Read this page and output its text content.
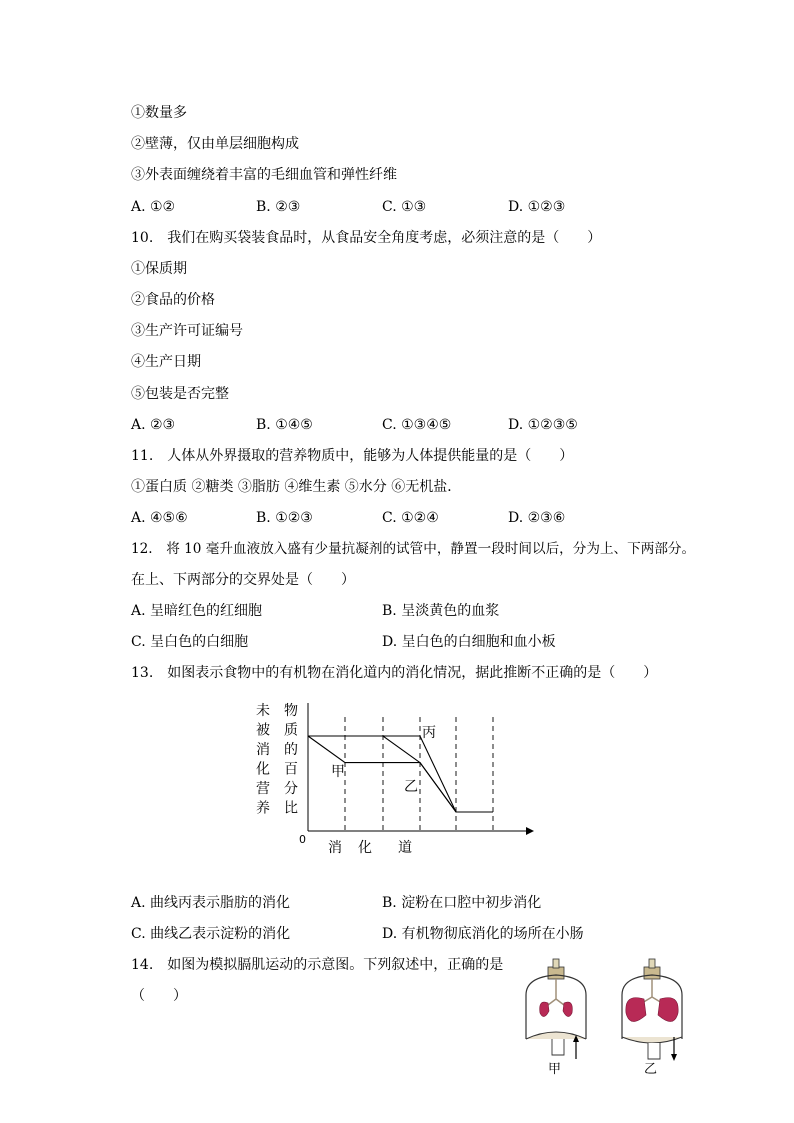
①数量多
②壁薄，仅由单层细胞构成
③外表面缠绕着丰富的毛细血管和弹性纤维
A. ①②	B. ②③	C. ①③	D. ①②③
10.　我们在购买袋装食品时，从食品安全角度考虑，必须注意的是（　　）
①保质期
②食品的价格
③生产许可证编号
④生产日期
⑤包装是否完整
A. ②③	B. ①④⑤	C. ①③④⑤	D. ①②③⑤
11.　人体从外界摄取的营养物质中，能够为人体提供能量的是（　　）
①蛋白质 ②糖类 ③脂肪 ④维生素 ⑤水分 ⑥无机盐．
A. ④⑤⑥	B. ①②③	C. ①②④	D. ②③⑥
12.　将 10 毫升血液放入盛有少量抗凝剂的试管中，静置一段时间以后，分为上、下两部分。
在上、下两部分的交界处是（　　）
A. 呈暗红色的红细胞	B. 呈淡黄色的血浆
C. 呈白色的白细胞	D. 呈白色的白细胞和血小板
13.　如图表示食物中的有机物在消化道内的消化情况，据此推断不正确的是（　　）
未
被
消
化
营
养
物
质
的
百
分
比
0
丙
甲
乙
消 化 道
A. 曲线丙表示脂肪的消化	B. 淀粉在口腔中初步消化
C. 曲线乙表示淀粉的消化	D. 有机物彻底消化的场所在小肠
14.　如图为模拟膈肌运动的示意图。下列叙述中，正确的是
（　　）
甲	乙
